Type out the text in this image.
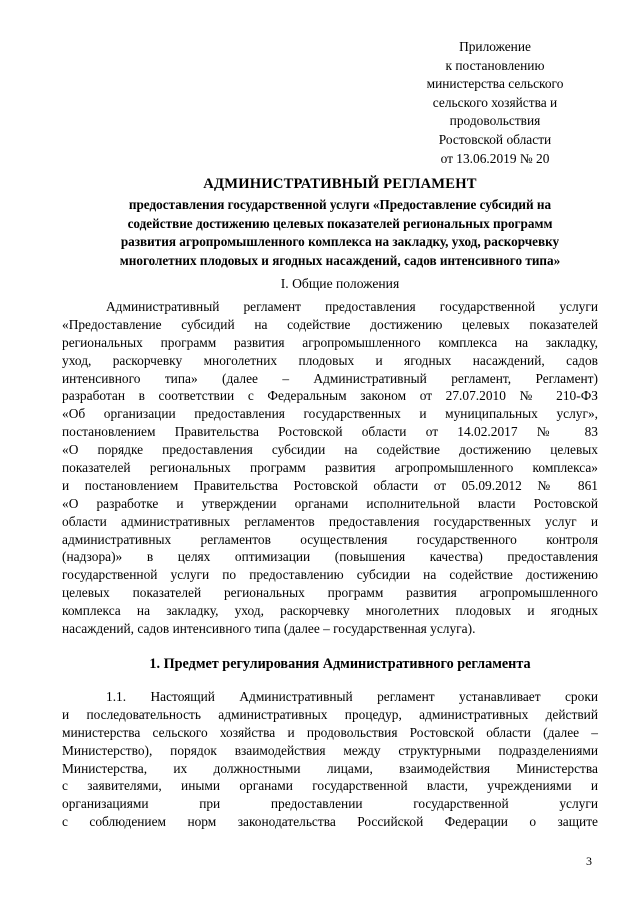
Приложение
к постановлению
министерства сельского
сельского хозяйства и
продовольствия
Ростовской области
от 13.06.2019 № 20
АДМИНИСТРАТИВНЫЙ РЕГЛАМЕНТ
предоставления государственной услуги «Предоставление субсидий на
содействие достижению целевых показателей региональных программ
развития агропромышленного комплекса на закладку, уход, раскорчевку
многолетних плодовых и ягодных насаждений, садов интенсивного типа»
I. Общие положения
Административный регламент предоставления государственной услуги
«Предоставление субсидий на содействие достижению целевых показателей
региональных программ развития агропромышленного комплекса на закладку,
уход, раскорчевку многолетних плодовых и ягодных насаждений, садов
интенсивного типа» (далее – Административный регламент, Регламент)
разработан в соответствии с Федеральным законом от 27.07.2010 № 210-ФЗ
«Об организации предоставления государственных и муниципальных услуг»,
постановлением Правительства Ростовской области от 14.02.2017 № 83
«О порядке предоставления субсидии на содействие достижению целевых
показателей региональных программ развития агропромышленного комплекса»
и постановлением Правительства Ростовской области от 05.09.2012 № 861
«О разработке и утверждении органами исполнительной власти Ростовской
области административных регламентов предоставления государственных услуг и
административных регламентов осуществления государственного контроля
(надзора)» в целях оптимизации (повышения качества) предоставления
государственной услуги по предоставлению субсидии на содействие достижению
целевых показателей региональных программ развития агропромышленного
комплекса на закладку, уход, раскорчевку многолетних плодовых и ягодных
насаждений, садов интенсивного типа (далее – государственная услуга).
1. Предмет регулирования Административного регламента
1.1. Настоящий Административный регламент устанавливает сроки
и последовательность административных процедур, административных действий
министерства сельского хозяйства и продовольствия Ростовской области (далее –
Министерство), порядок взаимодействия между структурными подразделениями
Министерства, их должностными лицами, взаимодействия Министерства
с заявителями, иными органами государственной власти, учреждениями и
организациями при предоставлении государственной услуги
с соблюдением норм законодательства Российской Федерации о защите
3
